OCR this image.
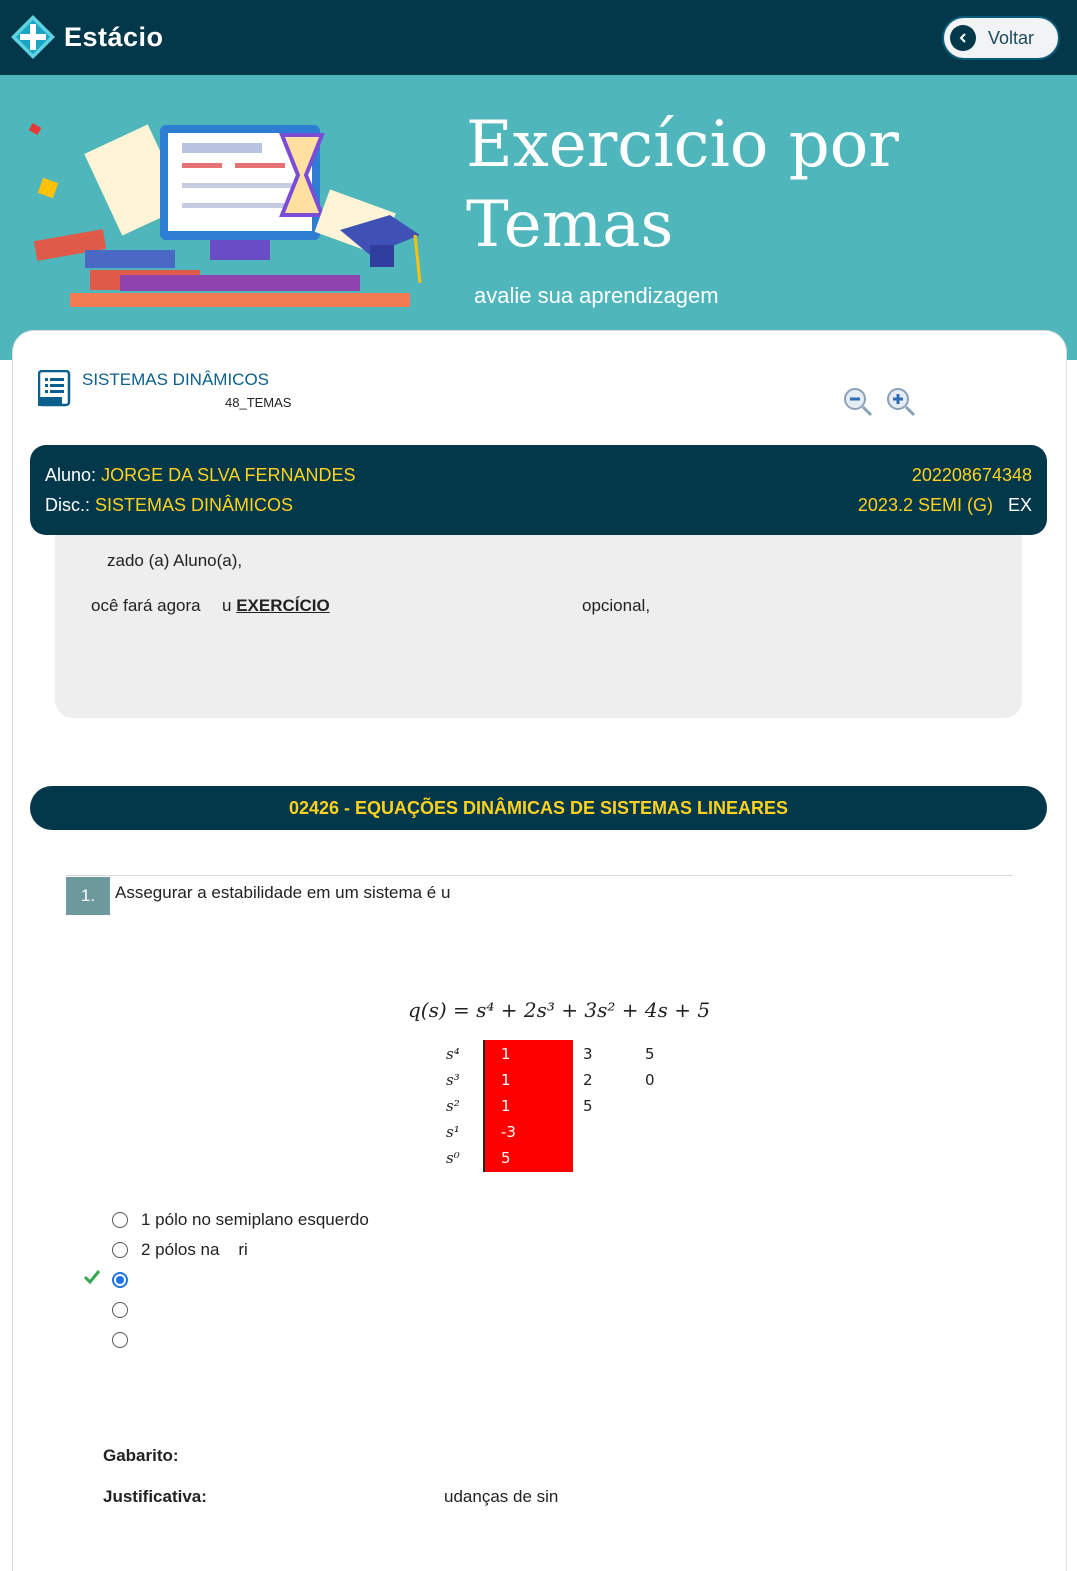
Estácio	Voltar
Exercício por Temas
avalie sua aprendizagem
SISTEMAS DINÂMICOS
48_TEMAS
Aluno: JORGE DA SLVA FERNANDES
Disc.: SISTEMAS DINÂMICOS
202208674348
2023.2 SEMI (G) EX
zado (a) Aluno(a),
ocê fará agora u EXERCÍCIO	opcional,
02426 - EQUAÇÕES DINÂMICAS DE SISTEMAS LINEARES
1.	Assegurar a estabilidade em um sistema é u
q(s) = s⁴ + 2s³ + 3s² + 4s + 5
s⁴	1	3	5
s³	1	2	0
s²	1	5
s¹	-3
s⁰	5
1 pólo no semiplano esquerdo
2 pólos na    ri
Gabarito:
Justificativa:	udanças de sin
